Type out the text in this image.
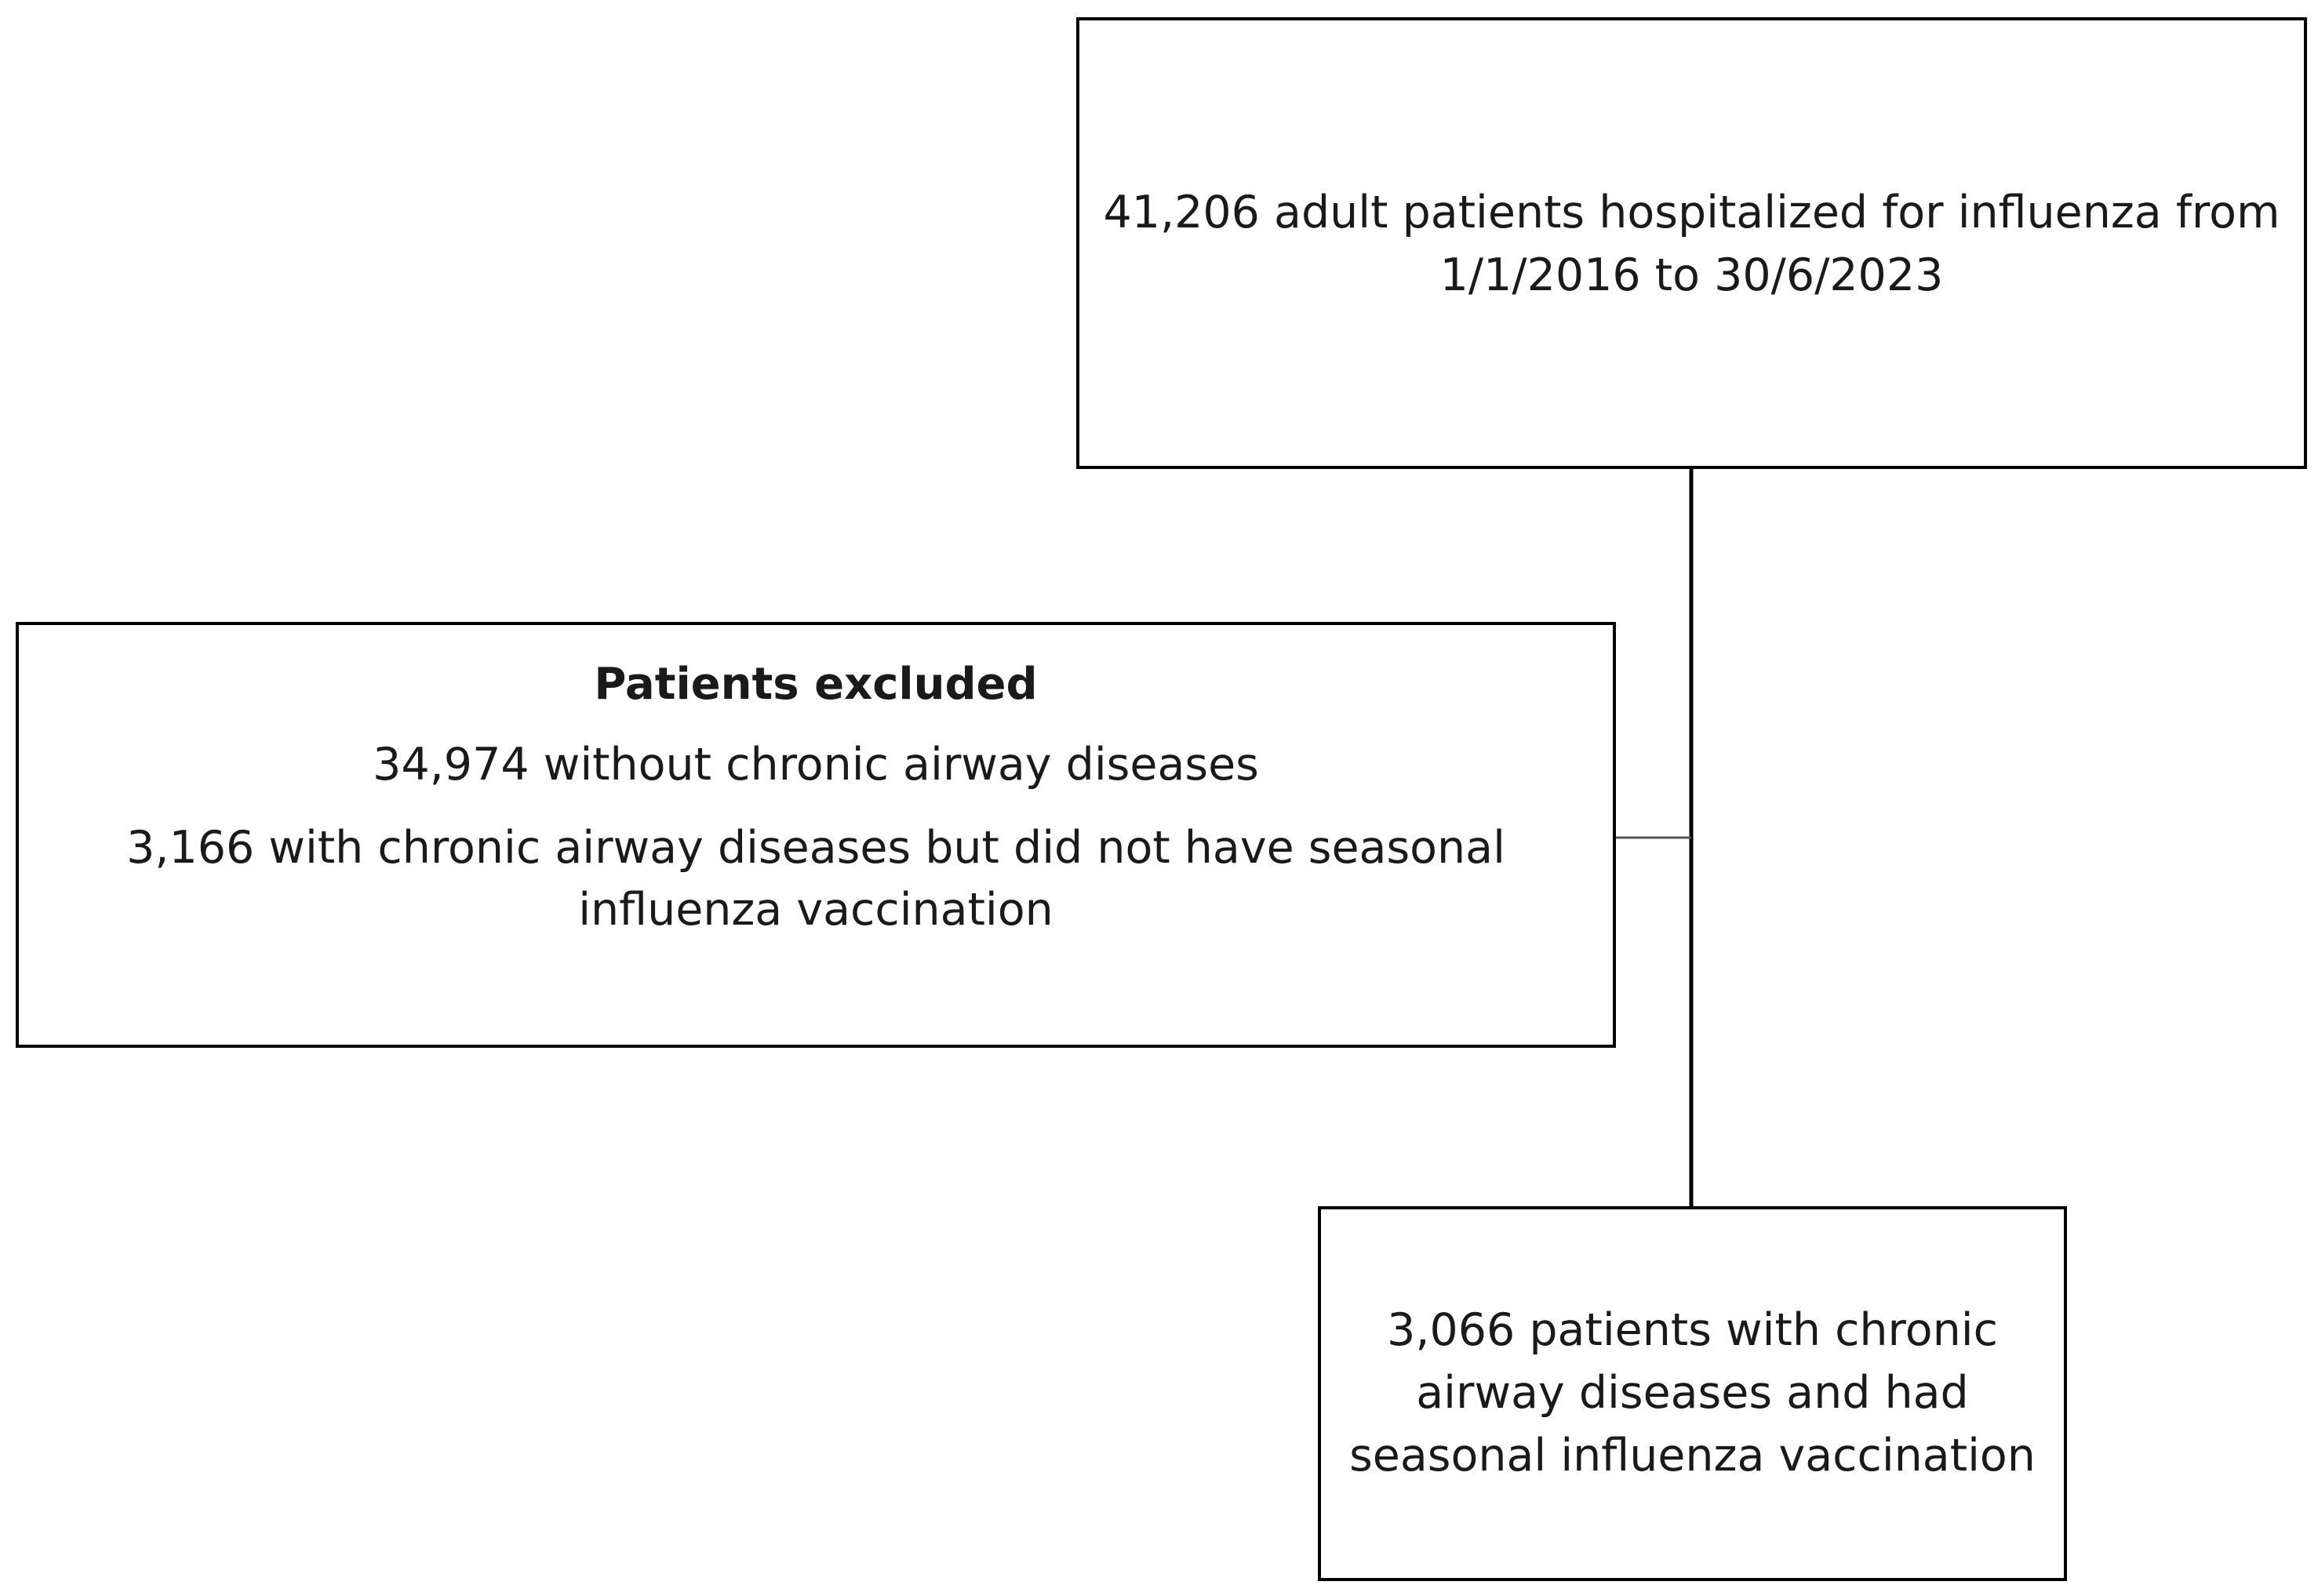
41,206 adult patients hospitalized for influenza from
1/1/2016 to 30/6/2023
Patients excluded
34,974 without chronic airway diseases
3,166 with chronic airway diseases but did not have seasonal
influenza vaccination
3,066 patients with chronic
airway diseases and had
seasonal influenza vaccination
